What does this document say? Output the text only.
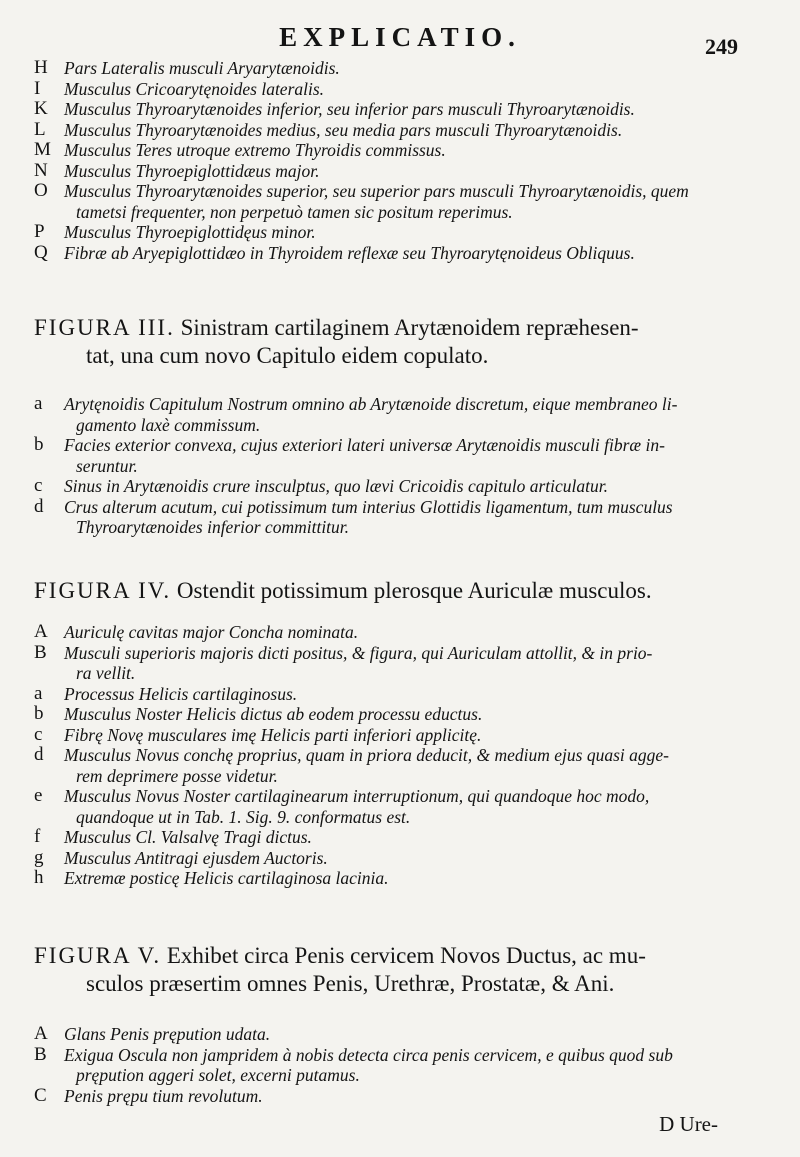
EXPLICATIO.	249

H Pars Lateralis musculi Aryarytænoidis.

I	Musculus Cricoarytęnoides lateralis.

K Musculus Thyroarytænoides inferior, seu inferior pars musculi Thyroarytænoidis.

L	Musculus Thyroarytænoides medius, seu media pars musculi Thyroarytænoidis.

M Musculus Teres utroque extremo Thyroidis commissus.

N Musculus Thyroepiglottidæus major.

O Musculus Thyroarytænoides superior, seu superior pars musculi Thyroarytænoidis, quem
tametsi frequenter, non perpetuò tamen sic positum reperimus.

P	Musculus Thyroepiglottidęus minor.

Q Fibræ ab Aryepiglottidæo in Thyroidem reflexæ seu Thyroarytęnoideus Obliquus.

FIGURA III. Sinistram cartilaginem Arytænoidem repræhesen-
tat, una cum novo Capitulo eidem copulato.

a	Arytęnoidis Capitulum Nostrum omnino ab Arytænoide discretum, eique membraneo li-
gamento laxè commissum.

b	Facies exterior convexa, cujus exteriori lateri universæ Arytænoidis musculi fibræ in-
seruntur.

c	Sinus in Arytænoidis crure insculptus, quo lævi Cricoidis capitulo articulatur.

d	Crus alterum acutum, cui potissimum tum interius Glottidis ligamentum, tum musculus
Thyroarytænoides inferior committitur.

FIGURA IV. Ostendit potissimum plerosque Auriculæ musculos.

A Auriculę cavitas major Concha nominata.

B Musculi superioris majoris dicti positus, & figura, qui Auriculam attollit, & in prio-
ra vellit.

a	Processus Helicis cartilaginosus.

b	Musculus Noster Helicis dictus ab eodem processu eductus.

c	Fibrę Novę musculares imę Helicis parti inferiori applicitę.

d	Musculus Novus conchę proprius, quam in priora deducit, & medium ejus quasi agge-
rem deprimere posse videtur.

e	Musculus Novus Noster cartilaginearum interruptionum, qui quandoque hoc modo,
quandoque ut in Tab. 1. Sig. 9. conformatus est.

f	Musculus Cl. Valsalvę Tragi dictus.

g	Musculus Antitragi ejusdem Auctoris.

h	Extremæ posticę Helicis cartilaginosa lacinia.

FIGURA V. Exhibet circa Penis cervicem Novos Ductus, ac mu-
sculos præsertim omnes Penis, Urethræ, Prostatæ, & Ani.

A Glans Penis prępution udata.

B Exigua Oscula non jampridem à nobis detecta circa penis cervicem, e quibus quod sub
prępution aggeri solet, excerni putamus.

C Penis prępu tium revolutum.

D Ure-
